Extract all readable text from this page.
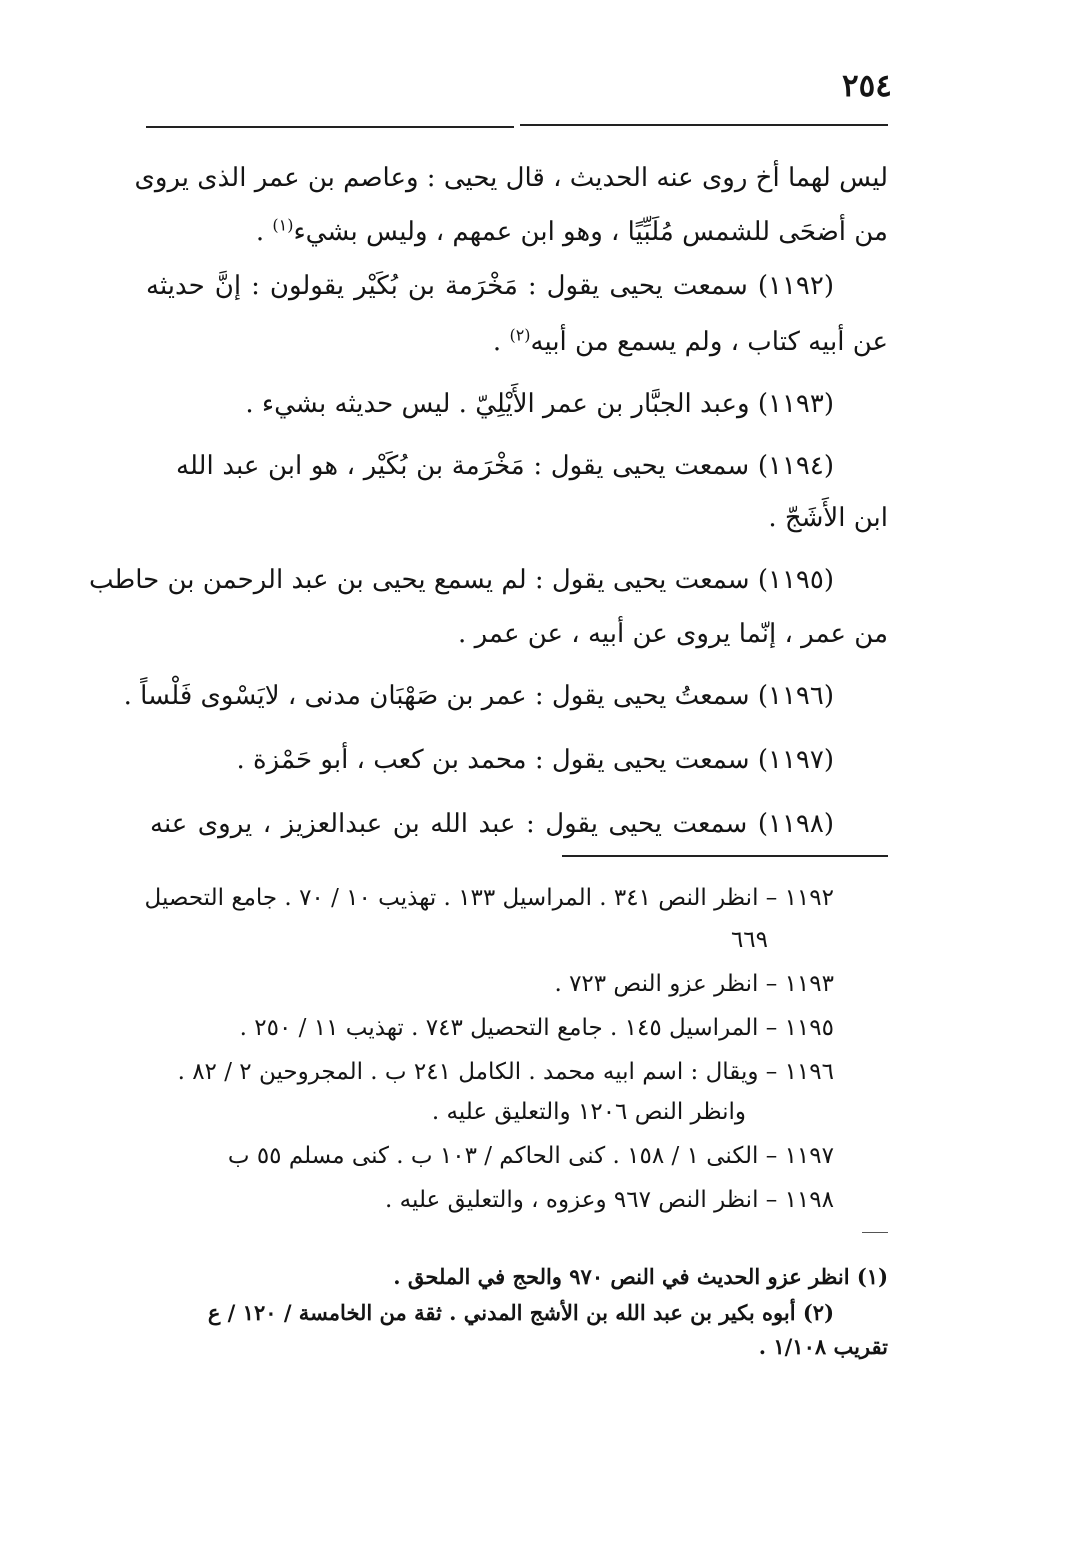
٢٥٤
ليس لهما أخ روى عنه الحديث ، قال يحيى : وعاصم بن عمر الذى يروى
من أضحَى للشمس مُلَبِّيًا ، وهو ابن عمهم ، وليس بشيء$^{(١)}$ .
(١١٩٢) سمعت يحيى يقول : مَخْرَمة بن بُكَيْر يقولون : إنَّ حديثه
عن أبيه كتاب ، ولم يسمع من أبيه$^{(٢)}$ .
(١١٩٣) وعبد الجبَّار بن عمر الأَيْلِيّ . ليس حديثه بشيء .
(١١٩٤) سمعت يحيى يقول : مَخْرَمة بن بُكَيْر ، هو ابن عبد الله
ابن الأَشَجّ .
(١١٩٥) سمعت يحيى يقول : لم يسمع يحيى بن عبد الرحمن بن حاطب
من عمر ، إنّما يروى عن أبيه ، عن عمر .
(١١٩٦) سمعتُ يحيى يقول : عمر بن صَهْبَان مدنى ، لايَسْوى فَلْساً .
(١١٩٧) سمعت يحيى يقول : محمد بن كعب ، أبو حَمْزة .
(١١٩٨) سمعت يحيى يقول : عبد الله بن عبدالعزيز ، يروى عنه
١١٩٢ – انظر النص ٣٤١ . المراسيل ١٣٣ . تهذيب ١٠ / ٧٠ . جامع التحصيل
٦٦٩
١١٩٣ – انظر عزو النص ٧٢٣ .
١١٩٥ – المراسيل ١٤٥ . جامع التحصيل ٧٤٣ . تهذيب ١١ / ٢٥٠ .
١١٩٦ – ويقال : اسم ابيه محمد . الكامل ٢٤١ ب . المجروحين ٢ / ٨٢ .
وانظر النص ١٢٠٦ والتعليق عليه .
١١٩٧ – الكنى ١ / ١٥٨ . كنى الحاكم / ١٠٣ ب . كنى مسلم ٥٥ ب
١١٩٨ – انظر النص ٩٦٧ وعزوه ، والتعليق عليه .
(١) انظر عزو الحديث في النص ٩٧٠ والحج في الملحق .
(٢) أبوه بكير بن عبد الله بن الأشج المدني . ثقة من الخامسة / ١٢٠ / ع
تقريب ١/١٠٨ .
